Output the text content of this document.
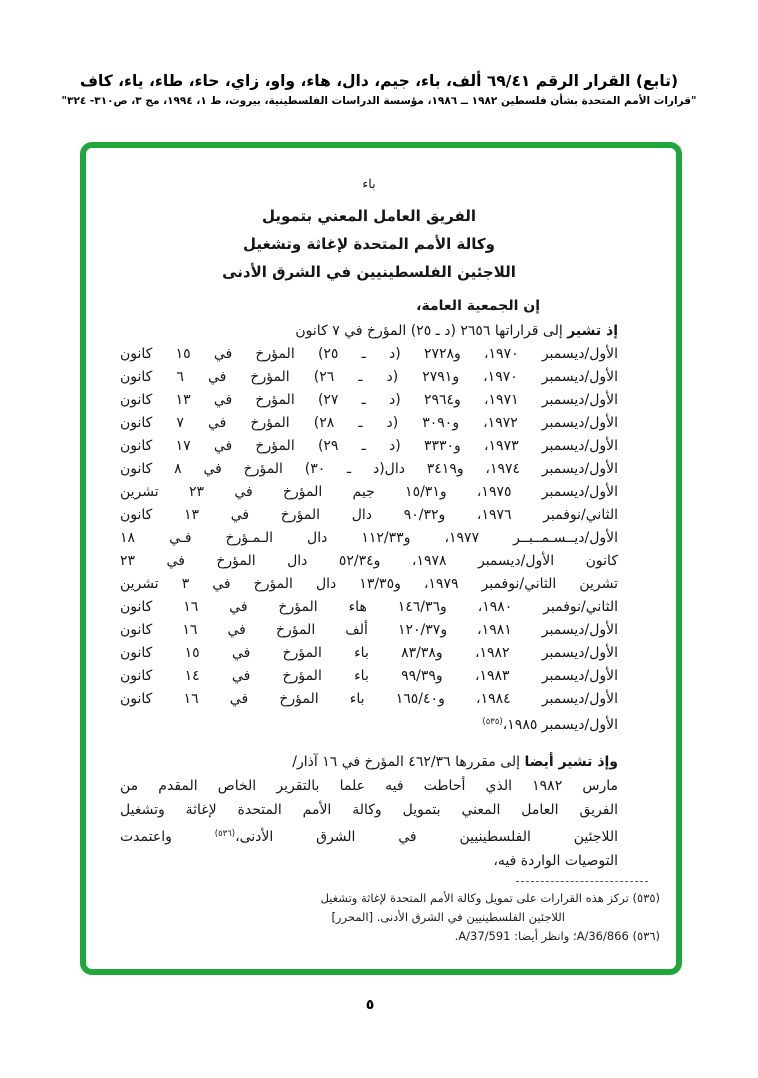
(تابع) القرار الرقم ٦٩/٤١ ألف، باء، جيم، دال، هاء، واو، زاي، حاء، طاء، ياء، كاف
"قرارات الأمم المتحدة بشأن فلسطين ١٩٨٢ ــ ١٩٨٦، مؤسسة الدراسات الفلسطينية، بيروت، ط ١، ١٩٩٤، مج ٣، ص٣١٠- ٣٢٤"
باء
الفريق العامل المعني بتمويل
وكالة الأمم المتحدة لإغاثة وتشغيل
اللاجئين الفلسطينيين في الشرق الأدنى
إن الجمعية العامة،
إذ تشير إلى قراراتها ٢٦٥٦ (د ـ ٢٥) المؤرخ في ٧ كانون
الأول/ديسمبر ١٩٧٠، و٢٧٢٨ (د ـ ٢٥) المؤرخ في ١٥ كانون
الأول/ديسمبر ١٩٧٠، و٢٧٩١ (د ـ ٢٦) المؤرخ في ٦ كانون
الأول/ديسمبر ١٩٧١، و٢٩٦٤ (د ـ ٢٧) المؤرخ في ١٣ كانون
الأول/ديسمبر ١٩٧٢، و٣٠٩٠ (د ـ ٢٨) المؤرخ في ٧ كانون
الأول/ديسمبر ١٩٧٣، و٣٣٣٠ (د ـ ٢٩) المؤرخ في ١٧ كانون
الأول/ديسمبر ١٩٧٤، و٣٤١٩ دال(د ـ ٣٠) المؤرخ في ٨ كانون
الأول/ديسمبر ١٩٧٥، و١٥/٣١ جيم المؤرخ في ٢٣ تشرين
الثاني/نوفمبر ١٩٧٦، و٩٠/٣٢ دال المؤرخ في ١٣ كانون
الأول/ديــسـمــبــر ١٩٧٧، و١١٢/٣٣ دال الـمـؤرخ فـي ١٨
كانون الأول/ديسمبر ١٩٧٨، و٥٢/٣٤ دال المؤرخ في ٢٣
تشرين الثاني/نوفمبر ١٩٧٩، و١٣/٣٥ دال المؤرخ في ٣ تشرين
الثاني/نوفمبر ١٩٨٠، و١٤٦/٣٦ هاء المؤرخ في ١٦ كانون
الأول/ديسمبر ١٩٨١، و١٢٠/٣٧ ألف المؤرخ في ١٦ كانون
الأول/ديسمبر ١٩٨٢، و٨٣/٣٨ باء المؤرخ في ١٥ كانون
الأول/ديسمبر ١٩٨٣، و٩٩/٣٩ باء المؤرخ في ١٤ كانون
الأول/ديسمبر ١٩٨٤، و١٦٥/٤٠ باء المؤرخ في ١٦ كانون
الأول/ديسمبر ١٩٨٥،$^{(٥٣٥)}$
وإذ تشير أيضا إلى مقررها ٤٦٢/٣٦ المؤرخ في ١٦ آذار/
مارس ١٩٨٢ الذي أحاطت فيه علما بالتقرير الخاص المقدم من
الفريق العامل المعني بتمويل وكالة الأمم المتحدة لإغاثة وتشغيل
اللاجئين الفلسطينيين في الشرق الأدنى،$^{(٥٣٦)}$ واعتمدت
التوصيات الواردة فيه،
(٥٣٥) تركز هذه القرارات على تمويل وكالة الأمم المتحدة لإغاثة وتشغيل
اللاجئين الفلسطينيين في الشرق الأدنى. [المحرر]
(٥٣٦) A/36/866؛ وانظر أيضا: A/37/591.
٥
